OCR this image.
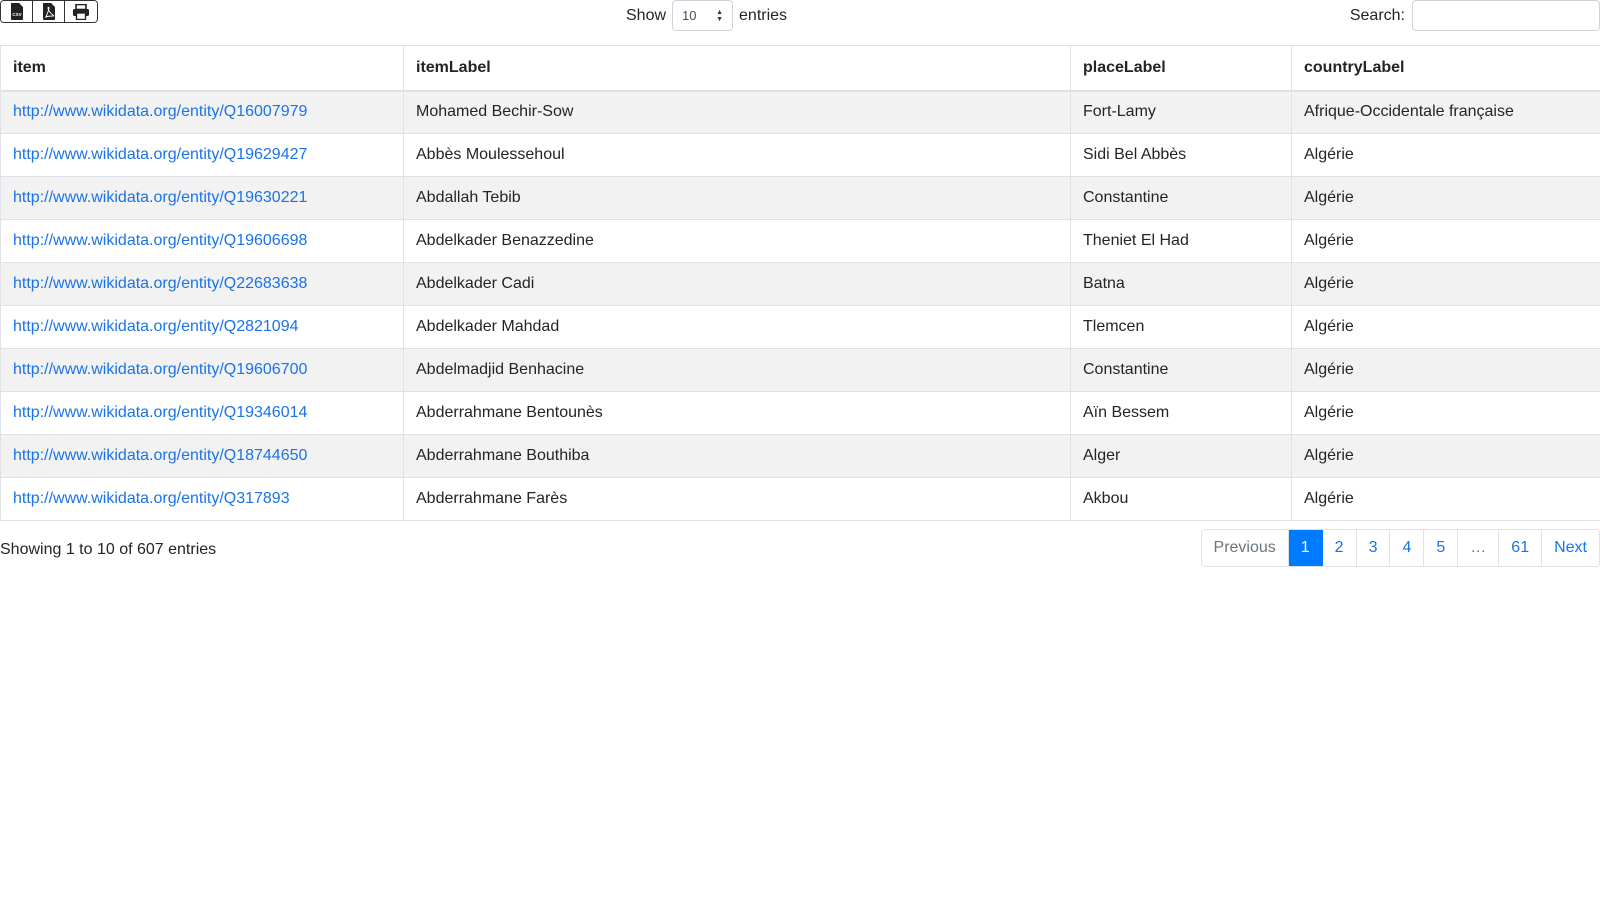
CSV	Show 10	▲
▼ entries	Search:
item	itemLabel	placeLabel	countryLabel
http://www.wikidata.org/entity/Q16007979	Mohamed Bechir-Sow	Fort-Lamy	Afrique-Occidentale française
http://www.wikidata.org/entity/Q19629427	Abbès Moulessehoul	Sidi Bel Abbès	Algérie
http://www.wikidata.org/entity/Q19630221	Abdallah Tebib	Constantine	Algérie
http://www.wikidata.org/entity/Q19606698	Abdelkader Benazzedine	Theniet El Had	Algérie
http://www.wikidata.org/entity/Q22683638	Abdelkader Cadi	Batna	Algérie
http://www.wikidata.org/entity/Q2821094	Abdelkader Mahdad	Tlemcen	Algérie
http://www.wikidata.org/entity/Q19606700	Abdelmadjid Benhacine	Constantine	Algérie
http://www.wikidata.org/entity/Q19346014	Abderrahmane Bentounès	Aïn Bessem	Algérie
http://www.wikidata.org/entity/Q18744650	Abderrahmane Bouthiba	Alger	Algérie
http://www.wikidata.org/entity/Q317893	Abderrahmane Farès	Akbou	Algérie
Showing 1 to 10 of 607 entries	Previous	1	2	3	4	5	…	61	Next
